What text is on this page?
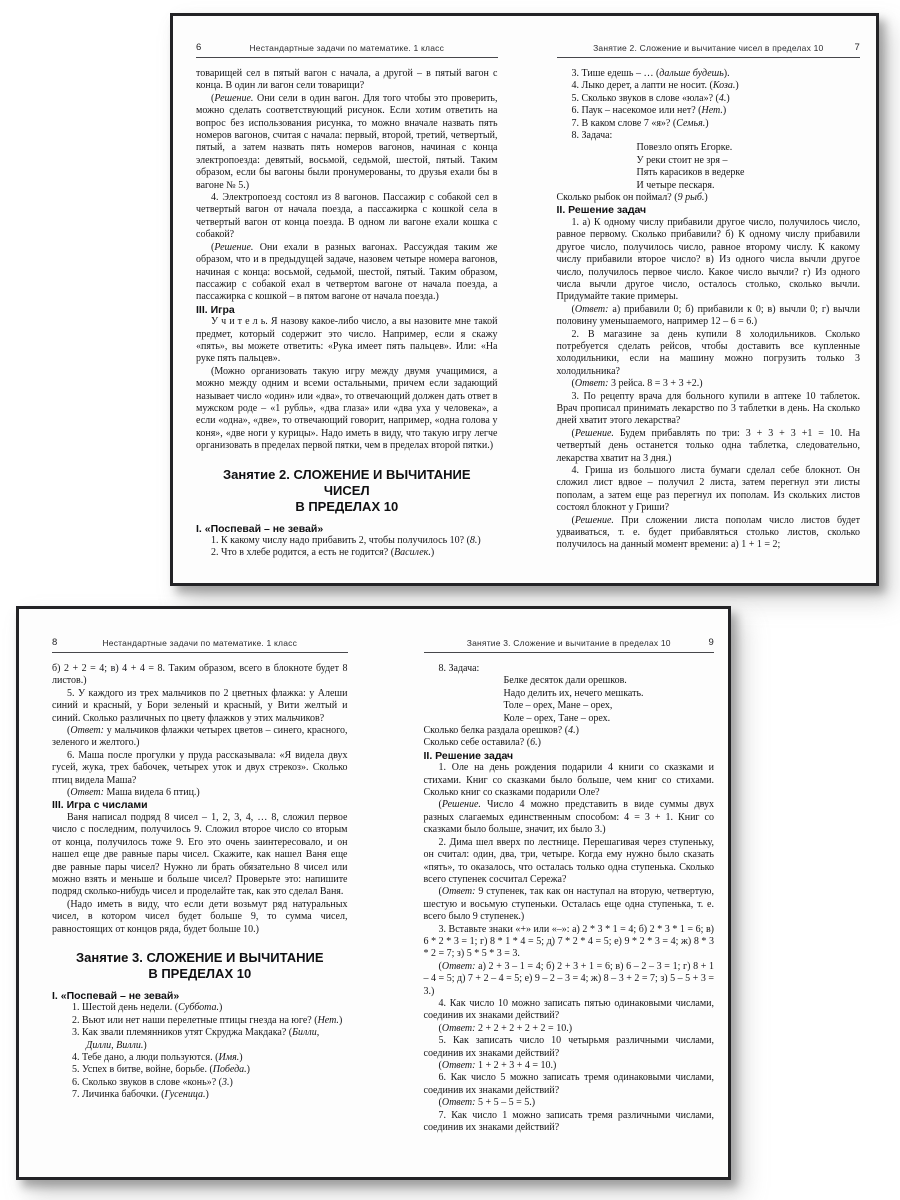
6	Нестандартные задачи по математике. 1 класс

товарищей сел в пятый вагон с начала, а другой – в пятый вагон с конца. В один ли вагон сели товарищи?

(Решение. Они сели в один вагон. Для того чтобы это проверить, можно сделать соответствующий рисунок. Если хотим ответить на вопрос без использования рисунка, то можно вначале назвать пять номеров вагонов, считая с начала: первый, второй, третий, четвертый, пятый, а затем назвать пять номеров вагонов, начиная с конца электропоезда: девятый, восьмой, седьмой, шестой, пятый. Таким образом, если бы вагоны были пронумерованы, то друзья ехали бы в вагоне № 5.)

4. Электропоезд состоял из 8 вагонов. Пассажир с собакой сел в четвертый вагон от начала поезда, а пассажирка с кошкой села в четвертый вагон от конца поезда. В одном ли вагоне ехали кошка с собакой?

(Решение. Они ехали в разных вагонах. Рассуждая таким же образом, что и в предыдущей задаче, назовем четыре номера вагонов, начиная с конца: восьмой, седьмой, шестой, пятый. Таким образом, пассажир с собакой ехал в четвертом вагоне от начала поезда, а пассажирка с кошкой – в пятом вагоне от начала поезда.)

III. Игра

У ч и т е л ь. Я назову какое-либо число, а вы назовите мне такой предмет, который содержит это число. Например, если я скажу «пять», вы можете ответить: «Рука имеет пять пальцев». Или: «На руке пять пальцев».

(Можно организовать такую игру между двумя учащимися, а можно между одним и всеми остальными, причем если задающий называет число «один» или «два», то отвечающий должен дать ответ в мужском роде – «1 рубль», «два глаза» или «два уха у человека», а если «одна», «две», то отвечающий говорит, например, «одна голова у коня», «две ноги у курицы». Надо иметь в виду, что такую игру легче организовать в пределах первой пятки, чем в пределах второй пятки.)

Занятие 2. СЛОЖЕНИЕ И ВЫЧИТАНИЕ ЧИСЕЛ
В ПРЕДЕЛАХ 10

I. «Поспевай – не зевай»

1. К какому числу надо прибавить 2, чтобы получилось 10? (8.)

2. Что в хлебе родится, а есть не годится? (Василек.)

Занятие 2. Сложение и вычитание чисел в пределах 10	7

3. Тише едешь – … (дальше будешь).

4. Лыко дерет, а лапти не носит. (Коза.)

5. Сколько звуков в слове «юла»? (4.)

6. Паук – насекомое или нет? (Нет.)

7. В каком слове 7 «я»? (Семья.)

8. Задача:

Повезло опять Егорке.
У реки стоит не зря –
Пять карасиков в ведерке
И четыре пескаря.

Сколько рыбок он поймал? (9 рыб.)

II. Решение задач

1. а) К одному числу прибавили другое число, получилось число, равное первому. Сколько прибавили? б) К одному числу прибавили другое число, получилось число, равное второму числу. К какому числу прибавили второе число? в) Из одного числа вычли другое число, получилось первое число. Какое число вычли? г) Из одного числа вычли другое число, осталось столько, сколько вычли. Придумайте такие примеры.

(Ответ: а) прибавили 0; б) прибавили к 0; в) вычли 0; г) вычли половину уменьшаемого, например 12 – 6 = 6.)

2. В магазине за день купили 8 холодильников. Сколько потребуется сделать рейсов, чтобы доставить все купленные холодильники, если на машину можно погрузить только 3 холодильника?

(Ответ: 3 рейса. 8 = 3 + 3 +2.)

3. По рецепту врача для больного купили в аптеке 10 таблеток. Врач прописал принимать лекарство по 3 таблетки в день. На сколько дней хватит этого лекарства?

(Решение. Будем прибавлять по три: 3 + 3 + 3 +1 = 10. На четвертый день останется только одна таблетка, следовательно, лекарства хватит на 3 дня.)

4. Гриша из большого листа бумаги сделал себе блокнот. Он сложил лист вдвое – получил 2 листа, затем перегнул эти листы пополам, а затем еще раз перегнул их пополам. Из скольких листов состоял блокнот у Гриши?

(Решение. При сложении листа пополам число листов будет удваиваться, т. е. будет прибавляться столько листов, сколько получилось на данный момент времени: а) 1 + 1 = 2;

8	Нестандартные задачи по математике. 1 класс

б) 2 + 2 = 4; в) 4 + 4 = 8. Таким образом, всего в блокноте будет 8 листов.)

5. У каждого из трех мальчиков по 2 цветных флажка: у Алеши синий и красный, у Бори зеленый и красный, у Вити желтый и синий. Сколько различных по цвету флажков у этих мальчиков?

(Ответ: у мальчиков флажки четырех цветов – синего, красного, зеленого и желтого.)

6. Маша после прогулки у пруда рассказывала: «Я видела двух гусей, жука, трех бабочек, четырех уток и двух стрекоз». Сколько птиц видела Маша?

(Ответ: Маша видела 6 птиц.)

III. Игра с числами

Ваня написал подряд 8 чисел – 1, 2, 3, 4, … 8, сложил первое число с последним, получилось 9. Сложил второе число со вторым от конца, получилось тоже 9. Его это очень заинтересовало, и он нашел еще две равные пары чисел. Скажите, как нашел Ваня еще две равные пары чисел? Нужно ли брать обязательно 8 чисел или можно взять и меньше и больше чисел? Проверьте это: напишите подряд сколько-нибудь чисел и проделайте так, как это сделал Ваня.

(Надо иметь в виду, что если дети возьмут ряд натуральных чисел, в котором чисел будет больше 9, то сумма чисел, равностоящих от концов ряда, будет больше 10.)

Занятие 3. СЛОЖЕНИЕ И ВЫЧИТАНИЕ
В ПРЕДЕЛАХ 10

I. «Поспевай – не зевай»

1. Шестой день недели. (Суббота.)

2. Вьют или нет наши перелетные птицы гнезда на юге? (Нет.)

3. Как звали племянников утят Скруджа Макдака? (Билли, Дилли, Вилли.)

4. Тебе дано, а люди пользуются. (Имя.)

5. Успех в битве, войне, борьбе. (Победа.)

6. Сколько звуков в слове «конь»? (3.)

7. Личинка бабочки. (Гусеница.)

Занятие 3. Сложение и вычитание в пределах 10	9

8. Задача:

Белке десяток дали орешков.
Надо делить их, нечего мешкать.
Толе – орех, Мане – орех,
Коле – орех, Тане – орех.

Сколько белка раздала орешков? (4.)

Сколько себе оставила? (6.)

II. Решение задач

1. Оле на день рождения подарили 4 книги со сказками и стихами. Книг со сказками было больше, чем книг со стихами. Сколько книг со сказками подарили Оле?

(Решение. Число 4 можно представить в виде суммы двух разных слагаемых единственным способом: 4 = 3 + 1. Книг со сказками было больше, значит, их было 3.)

2. Дима шел вверх по лестнице. Перешагивая через ступеньку, он считал: один, два, три, четыре. Когда ему нужно было сказать «пять», то оказалось, что осталась только одна ступенька. Сколько всего ступенек сосчитал Сережа?

(Ответ: 9 ступенек, так как он наступал на вторую, четвертую, шестую и восьмую ступеньки. Осталась еще одна ступенька, т. е. всего было 9 ступенек.)

3. Вставьте знаки «+» или «–»: а) 2 * 3 * 1 = 4; б) 2 * 3 * 1 = 6; в) 6 * 2 * 3 = 1; г) 8 * 1 * 4 = 5; д) 7 * 2 * 4 = 5; е) 9 * 2 * 3 = 4; ж) 8 * 3 * 2 = 7; з) 5 * 5 * 3 = 3.

(Ответ: а) 2 + 3 – 1 = 4; б) 2 + 3 + 1 = 6; в) 6 – 2 – 3 = 1; г) 8 + 1 – 4 = 5; д) 7 + 2 – 4 = 5; е) 9 – 2 – 3 = 4; ж) 8 – 3 + 2 = 7; з) 5 – 5 + 3 = 3.)

4. Как число 10 можно записать пятью одинаковыми числами, соединив их знаками действий?

(Ответ: 2 + 2 + 2 + 2 + 2 = 10.)

5. Как записать число 10 четырьмя различными числами, соединив их знаками действий?

(Ответ: 1 + 2 + 3 + 4 = 10.)

6. Как число 5 можно записать тремя одинаковыми числами, соединив их знаками действий?

(Ответ: 5 + 5 – 5 = 5.)

7. Как число 1 можно записать тремя различными числами, соединив их знаками действий?
